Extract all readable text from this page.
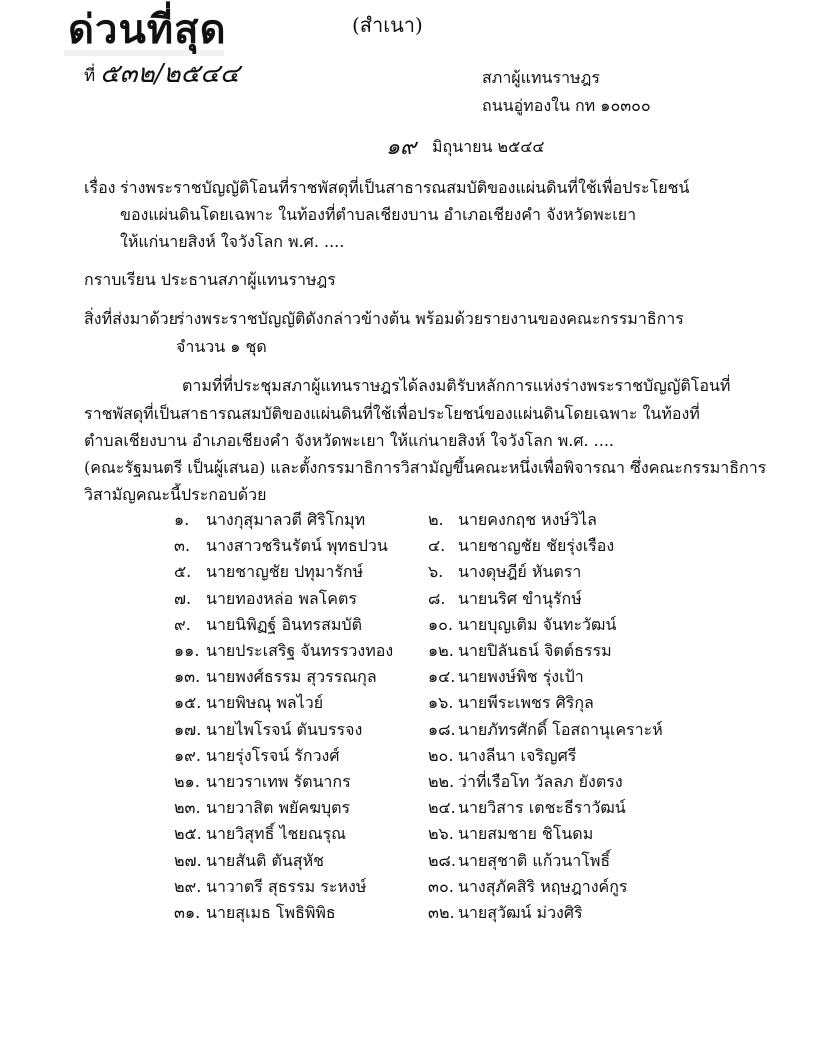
ด่วนที่สุด	(สำเนา)
ที่ ๕๓๒/๒๕๔๔	สภาผู้แทนราษฎร
ถนนอู่ทองใน กท ๑๐๓๐๐
๑๙ มิถุนายน ๒๕๔๔
เรื่อง ร่างพระราชบัญญัติโอนที่ราชพัสดุที่เป็นสาธารณสมบัติของแผ่นดินที่ใช้เพื่อประโยชน์
ของแผ่นดินโดยเฉพาะ ในท้องที่ตำบลเชียงบาน อำเภอเชียงคำ จังหวัดพะเยา
ให้แก่นายสิงห์ ใจวังโลก พ.ศ. ....
กราบเรียน ประธานสภาผู้แทนราษฎร
สิ่งที่ส่งมาด้วย
ร่างพระราชบัญญัติดังกล่าวข้างต้น พร้อมด้วยรายงานของคณะกรรมาธิการ
จำนวน ๑ ชุด
ตามที่ที่ประชุมสภาผู้แทนราษฎรได้ลงมติรับหลักการแห่งร่างพระราชบัญญัติโอนที่
ราชพัสดุที่เป็นสาธารณสมบัติของแผ่นดินที่ใช้เพื่อประโยชน์ของแผ่นดินโดยเฉพาะ ในท้องที่
ตำบลเชียงบาน อำเภอเชียงคำ จังหวัดพะเยา ให้แก่นายสิงห์ ใจวังโลก พ.ศ. ....
(คณะรัฐมนตรี เป็นผู้เสนอ) และตั้งกรรมาธิการวิสามัญขึ้นคณะหนึ่งเพื่อพิจารณา ซึ่งคณะกรรมาธิการ
วิสามัญคณะนี้ประกอบด้วย
๑. นางกุสุมาลวตี ศิริโกมุท	๒. นายคงกฤช หงษ์วิไล
๓. นางสาวชรินรัตน์ พุทธปวน	๔. นายชาญชัย ชัยรุ่งเรือง
๕. นายชาญชัย ปทุมารักษ์	๖. นางดุษฎีย์ หันตรา
๗. นายทองหล่อ พลโคตร	๘. นายนริศ ขำนุรักษ์
๙. นายนิพิฏฐ์ อินทรสมบัติ	๑๐. นายบุญเติม จันทะวัฒน์
๑๑. นายประเสริฐ จันทรรวงทอง ๑๒. นายปิลันธน์ จิตต์ธรรม
๑๓. นายพงศ์ธรรม สุวรรณกุล	๑๔. นายพงษ์พิช รุ่งเป้า
๑๕. นายพิษณุ พลไวย์	๑๖. นายพีระเพชร ศิริกุล
๑๗. นายไพโรจน์ ตันบรรจง	๑๘. นายภัทรศักดิ์ โอสถานุเคราะห์
๑๙. นายรุ่งโรจน์ รักวงศ์	๒๐. นางลีนา เจริญศรี
๒๑. นายวราเทพ รัตนากร	๒๒. ว่าที่เรือโท วัลลภ ยังตรง
๒๓. นายวาสิต พยัคฆบุตร	๒๔. นายวิสาร เตชะธีราวัฒน์
๒๕. นายวิสุทธิ์ ไชยณรุณ	๒๖. นายสมชาย ชิโนดม
๒๗. นายสันติ ตันสุหัช	๒๘. นายสุชาติ แก้วนาโพธิ์
๒๙. นาวาตรี สุธรรม ระหงษ์	๓๐. นางสุภัคสิริ หฤษฎางค์กูร
๓๑. นายสุเมธ โพธิพิพิธ	๓๒. นายสุวัฒน์ ม่วงศิริ
